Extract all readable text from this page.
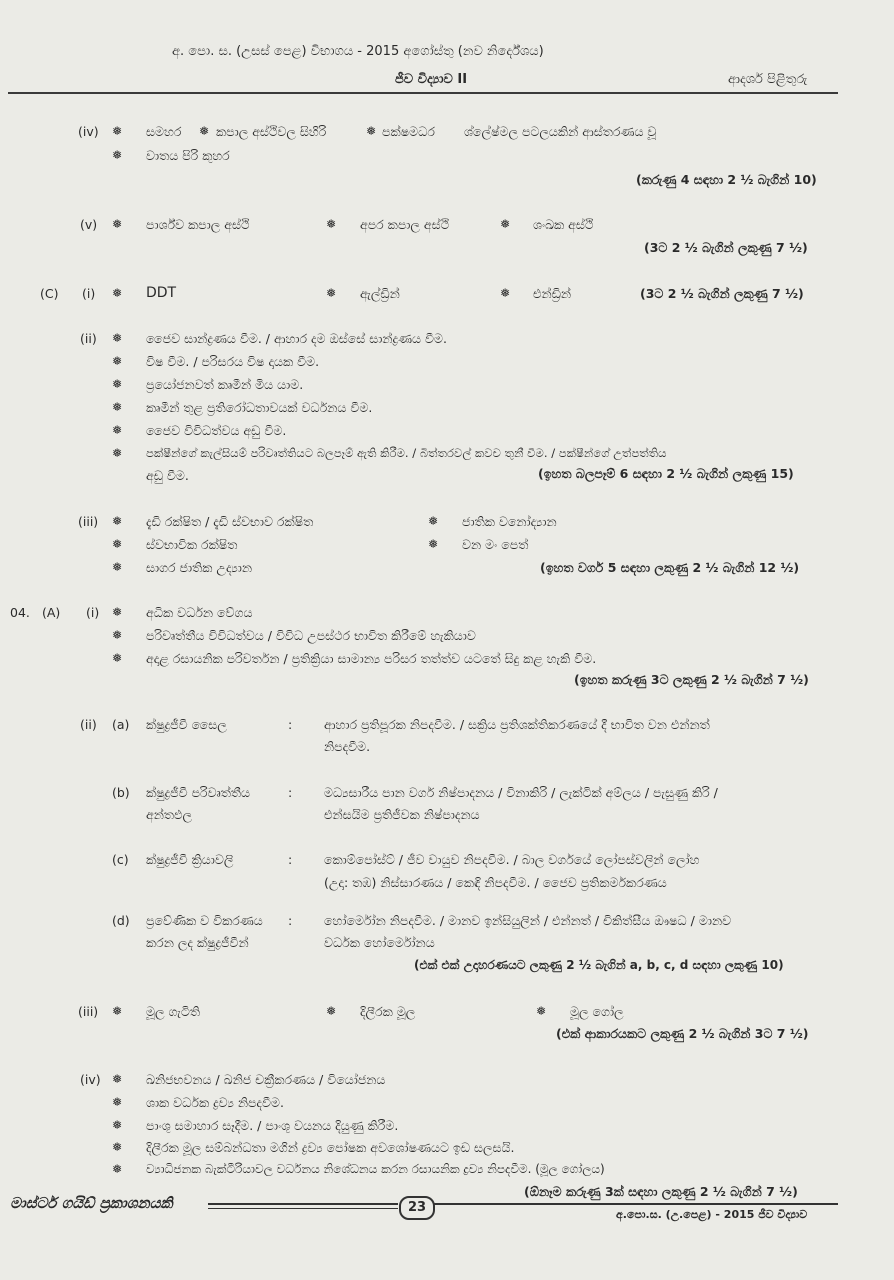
අ. පො. ස. (උසස් පෙළ) විභාගය - 2015 අගෝස්තු (නව නිර්දේශය)
ජීව විද්‍යාව II	ආදර්ශ පිළිතුරු
(iv) ❅ සමහර ❅ කපාල අස්ථිවල සිහිරි	❅ පක්ෂමධර ශ්ලේෂ්මල පටලයකින් ආස්තරණය වූ
❅ වාතය පිරි කුහර
(කරුණු 4 සඳහා 2 ½ බැගින් 10)
(v) ❅ පාර්ශ්ව කපාල අස්ථි	❅ අපර කපාල අස්ථි	❅ ශංඛක අස්ථි
(3ට 2 ½ බැගින් ලකුණු 7 ½)
(C) (i) ❅ DDT	❅ ඇල්ඩ්‍රින්	❅ එන්ඩ්‍රින්	(3ට 2 ½ බැගින් ලකුණු 7 ½)
(ii) ❅ ජෛව සාන්ද්‍රණය වීම. / ආහාර දම ඔස්සේ සාන්ද්‍රණය වීම.
❅ විෂ වීම. / පරිසරය විෂ දායක වීම.
❅ ප්‍රයෝජනවත් කෘමීන් මිය යාම.
❅ කෘමීන් තුළ ප්‍රතිරෝධතාවයක් වර්ධනය වීම.
❅ ජෛව විවිධත්වය අඩු වීම.
❅ පක්ෂීන්ගේ කැල්සියම් පරිවෘත්තියට බලපෑම් ඇති කිරීම. / බිත්තරවල් කවච තුනී වීම. / පක්ෂීන්ගේ උත්පත්තිය
අඩු වීම.	(ඉහත බලපෑම් 6 සඳහා 2 ½ බැගින් ලකුණු 15)
(iii) ❅ දැඩි රක්ෂිත / දැඩි ස්වභාව රක්ෂිත	❅ ජාතික වනෝද්‍යාන
❅ ස්වභාවික රක්ෂිත	❅ වන මං පෙත්
❅ සාගර ජාතික උද්‍යාන	(ඉහත වර්ග 5 සඳහා ලකුණු 2 ½ බැගින් 12 ½)
04. (A) (i) ❅ අධික වර්ධන වේගය
❅ පරිවෘත්තීය විවිධත්වය / විවිධ උපස්ථර භාවිත කිරීමේ හැකියාව
❅ අදාළ රසායනික පරිවර්තන / ප්‍රතික්‍රියා සාමාන්‍ය පරිසර තත්ත්ව යටතේ සිදු කළ හැකි වීම.
(ඉහත කරුණු 3ට ලකුණු 2 ½ බැගින් 7 ½)
(ii) (a) ක්ෂුද්‍රජීවී සෛල	:	ආහාර ප්‍රතිපූරක නිපදවීම. / සක්‍රිය ප්‍රතිශක්තිකරණයේ දී භාවිත වන එන්නත්
නිපදවීම.
(b) ක්ෂුද්‍රජීවී පරිවෘත්තීය
අන්තඵල
:	මධ්‍යසාරීය පාන වර්ග නිෂ්පාදනය / විනාකිරි / ලැක්ටික් අම්ලය / පැසුණු කිරි /
එන්සයිම ප්‍රතිජීවක නිෂ්පාදනය
(c) ක්ෂුද්‍රජීවී ක්‍රියාවලි	:	කොම්පෝස්ට් / ජීව වායුව නිපදවීම. / බාල වර්ගයේ ලෝපස්වලින් ලෝහ
(උදා: තඹ) නිස්සාරණය / කෙඳි නිපදවීම. / ජෛව ප්‍රතිකර්මකරණය
(d) ප්‍රවේණික ව විකරණය
කරන ලද ක්ෂුද්‍රජීවීන්
:	හෝර්මෝන නිපදවීම. / මානව ඉන්සියුලින් / එන්නත් / චිකිත්සීය ඖෂධ / මානව
වර්ධක හෝර්මෝනය
(එක් එක් උදාහරණයට ලකුණු 2 ½ බැගින් a, b, c, d සඳහා ලකුණු 10)
(iii) ❅ මූල ගැටිති	❅ දිලීරක මූල	❅ මූල ගෝල
(එක් ආකාරයකට ලකුණු 2 ½ බැගින් 3ට 7 ½)
(iv) ❅ ඛනිජභවනය / ඛනිජ චක්‍රීකරණය / වියෝජනය
❅ ශාක වර්ධක ද්‍රව්‍ය නිපදවීම.
❅ පාංශු සමාහාර සෑදීම. / පාංශු වයනය දියුණු කිරීම.
❅ දිලීරක මූල සම්බන්ධතා මගින් ද්‍රව්‍ය පෝෂක අවශෝෂණයට ඉඩ සලසයි.
❅ ව්‍යාධිජනක බැක්ටීරියාවල වර්ධනය නිශේධනය කරන රසායනික ද්‍රව්‍ය නිපදවීම. (මූල ගෝලය)
(ඕනෑම කරුණු 3ක් සඳහා ලකුණු 2 ½ බැගින් 7 ½)
මාස්ටර් ගයිඩ් ප්‍රකාශනයකි	23	අ.පො.ස. (උ.පෙළ) - 2015 ජීව විද්‍යාව
